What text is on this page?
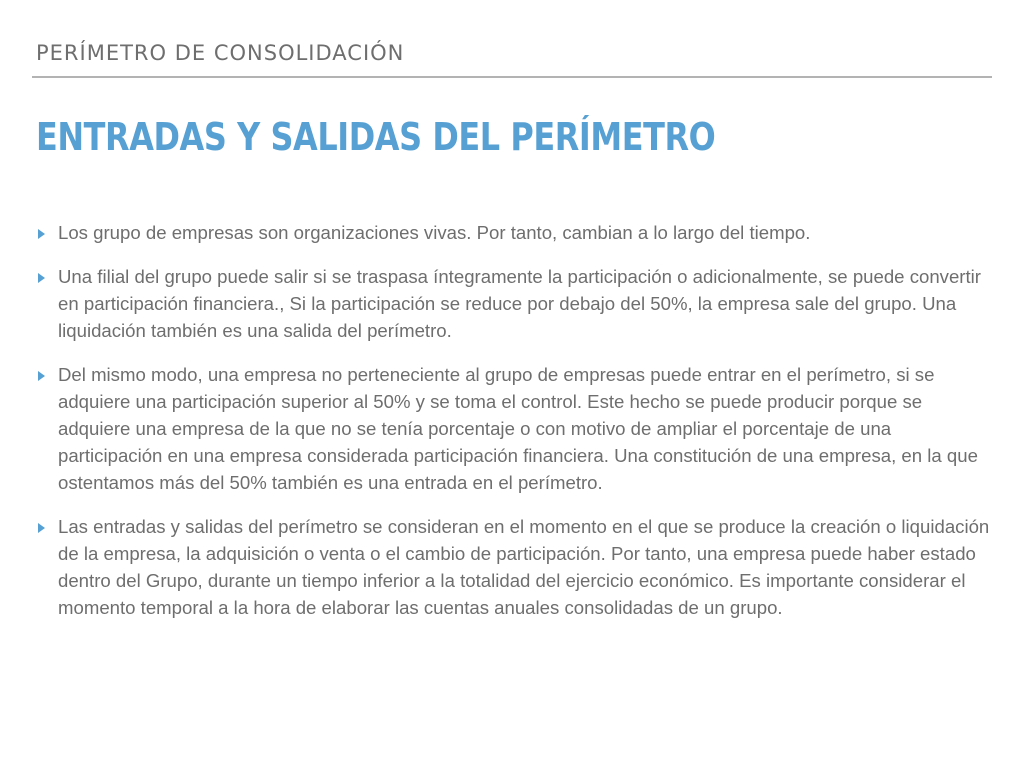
PERÍMETRO DE CONSOLIDACIÓN
ENTRADAS Y SALIDAS DEL PERÍMETRO
Los grupo de empresas son organizaciones vivas. Por tanto, cambian a lo largo del tiempo.
Una filial del grupo puede salir si se traspasa íntegramente la participación o adicionalmente, se puede convertir en participación financiera., Si la participación se reduce por debajo del 50%, la empresa sale del grupo. Una liquidación también es una salida del perímetro.
Del mismo modo, una empresa no perteneciente al grupo de empresas puede entrar en el perímetro, si se adquiere una participación superior al 50% y se toma el control. Este hecho se puede producir porque se adquiere una empresa de la que no se tenía porcentaje o con motivo de ampliar el porcentaje de una participación en una empresa considerada participación financiera. Una constitución de una empresa, en la que ostentamos más del 50% también es una entrada en el perímetro.
Las entradas y salidas del perímetro se consideran en el momento en el que se produce la creación o liquidación de la empresa, la adquisición o venta o el cambio de participación. Por tanto, una empresa puede haber estado dentro del Grupo, durante un tiempo inferior a la totalidad del ejercicio económico. Es importante considerar el momento temporal a la hora de elaborar las cuentas anuales consolidadas de un grupo.
